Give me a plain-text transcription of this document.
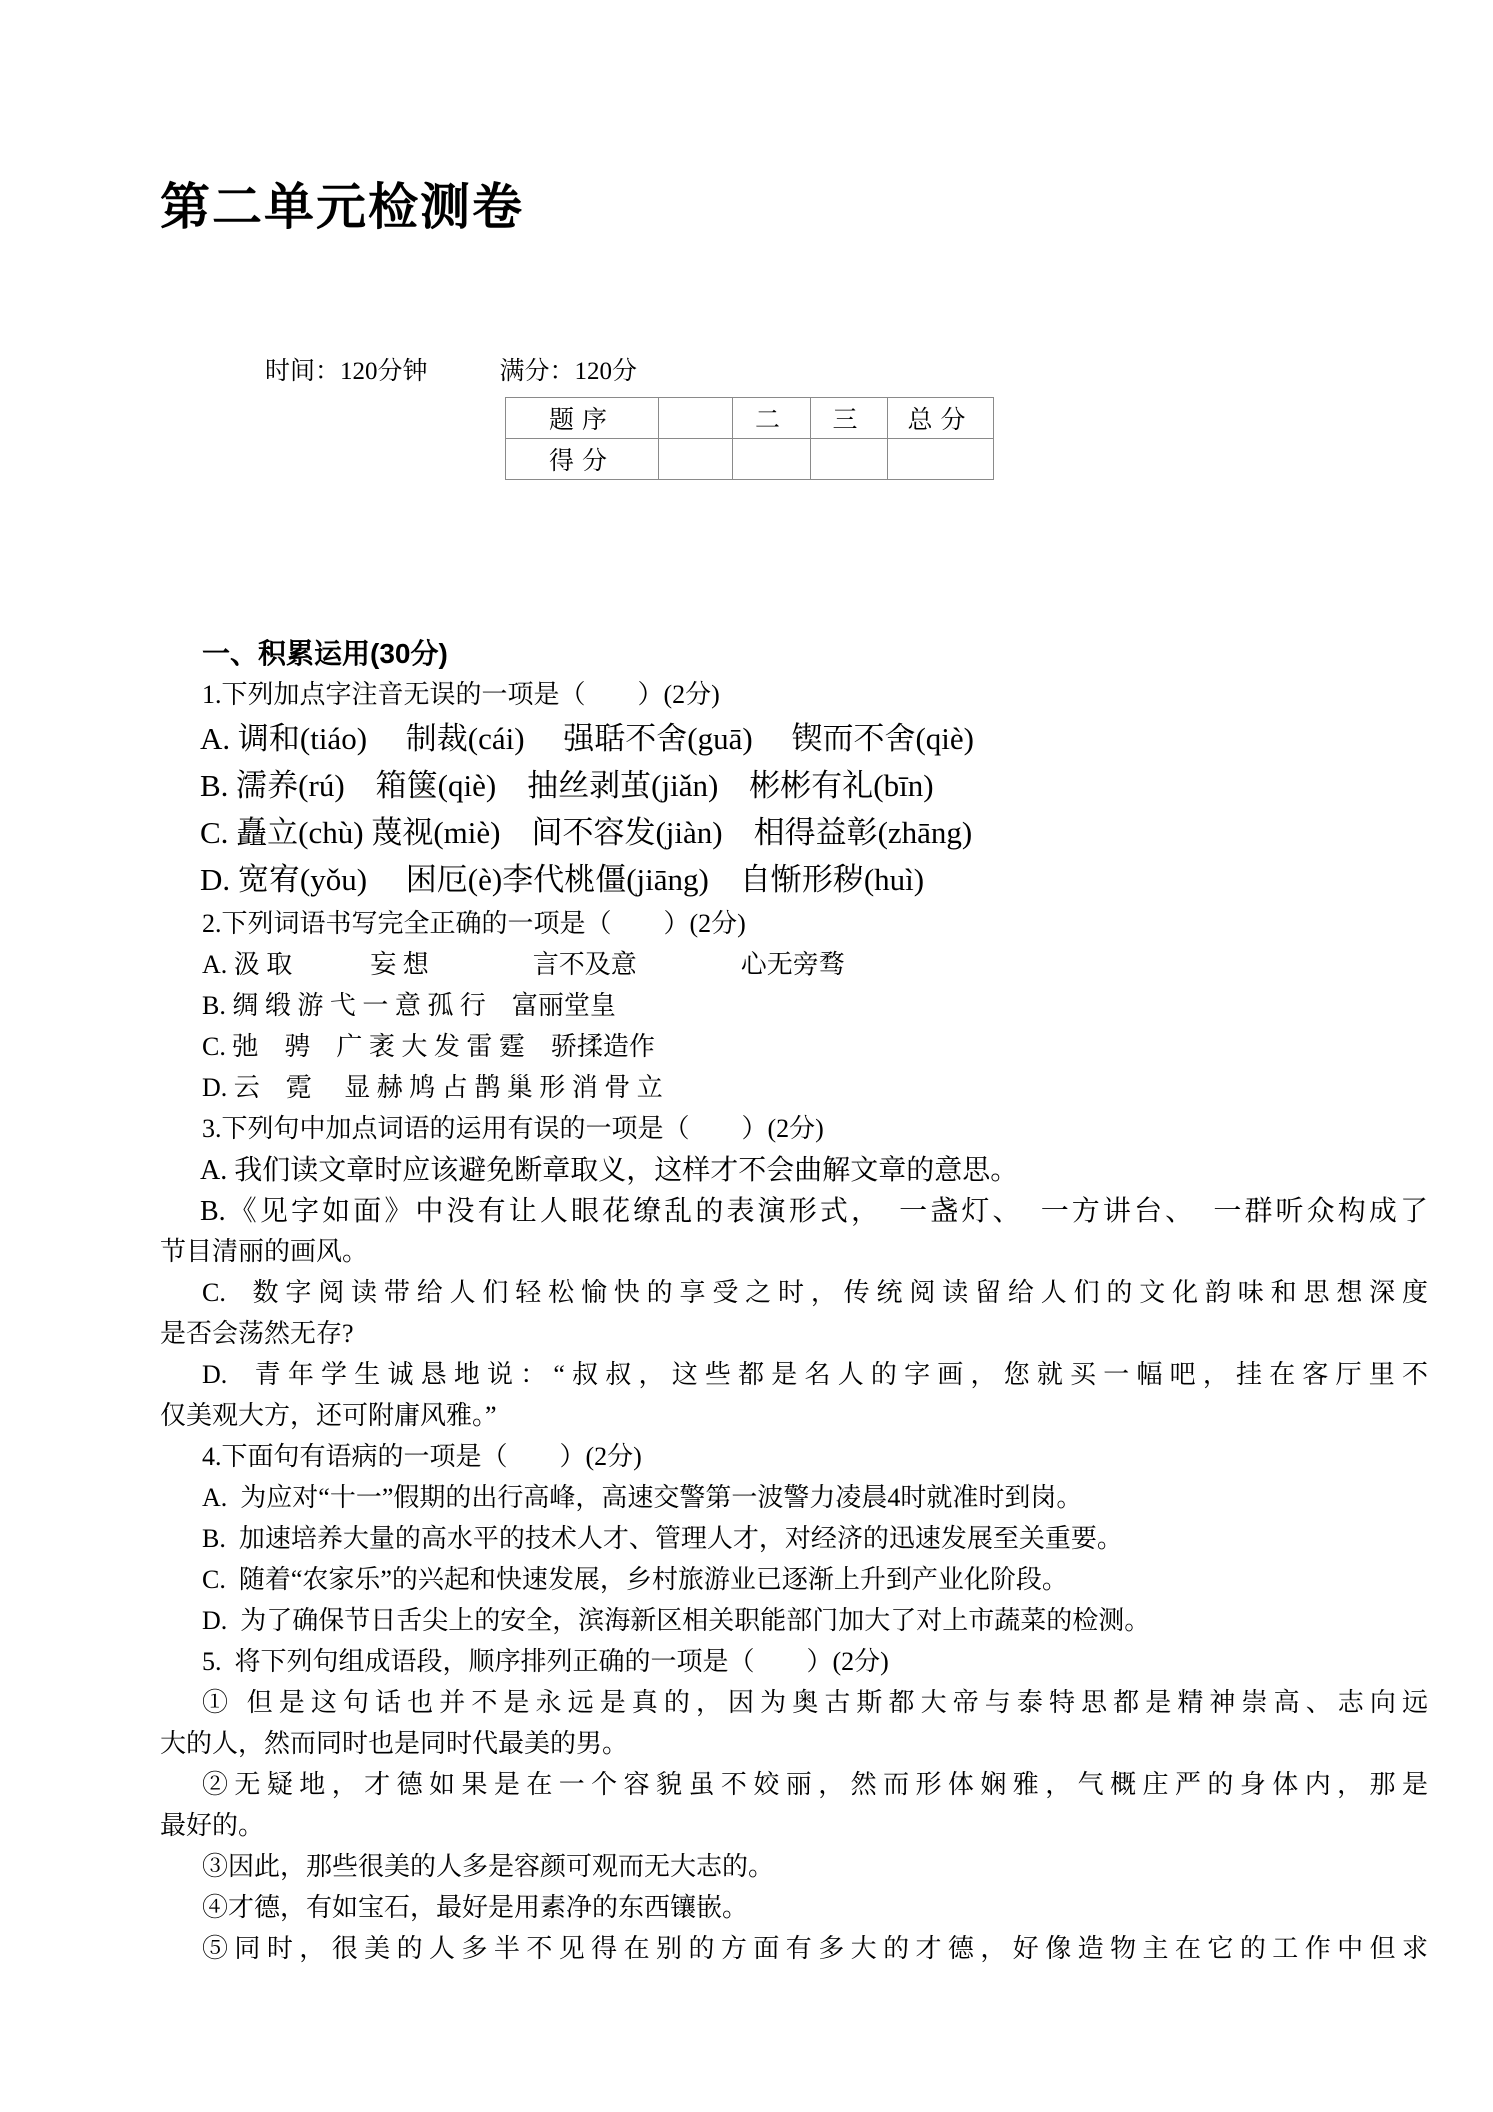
第二单元检测卷
时间：120分钟	满分：120分
题序		二	三	总分
得分				
一、积累运用(30分)
1.下列加点字注音无误的一项是（　　）(2分)
A. 调和(tiáo)　 制裁(cái)　 强聒不舍(guā)　 锲而不舍(qiè)
B. 濡养(rú)　箱箧(qiè)　抽丝剥茧(jiǎn)　彬彬有礼(bīn)
C. 矗立(chù) 蔑视(miè)　间不容发(jiàn)　相得益彰(zhāng)
D. 宽宥(yǒu)　 困厄(è)李代桃僵(jiāng)　自惭形秽(huì)
2.下列词语书写完全正确的一项是（　　）(2分)
A. 汲 取　　　妄 想　　　　言不及意　　　　心无旁骛
B. 绸 缎 游 弋 一 意 孤 行　富丽堂皇
C. 弛　骋　广 袤 大 发 雷 霆　骄揉造作
D. 云　霓　 显 赫 鸠 占 鹊 巢 形 消 骨 立
3.下列句中加点词语的运用有误的一项是（　　）(2分)
A. 我们读文章时应该避免断章取义，这样才不会曲解文章的意思。
B.《见字如面》中没有让人眼花缭乱的表演形式，　一盏灯、　一方讲台、　一群听众构成了
节目清丽的画风。
C.  数字阅读带给人们轻松愉快的享受之时，传统阅读留给人们的文化韵味和思想深度
是否会荡然无存?
D.  青年学生诚恳地说：“叔叔，这些都是名人的字画，您就买一幅吧，挂在客厅里不
仅美观大方，还可附庸风雅。”
4.下面句有语病的一项是（　　）(2分)
A.  为应对“十一”假期的出行高峰，高速交警第一波警力凌晨4时就准时到岗。
B.  加速培养大量的高水平的技术人才、管理人才，对经济的迅速发展至关重要。
C.  随着“农家乐”的兴起和快速发展，乡村旅游业已逐渐上升到产业化阶段。
D.  为了确保节日舌尖上的安全，滨海新区相关职能部门加大了对上市蔬菜的检测。
5.  将下列句组成语段，顺序排列正确的一项是（　　）(2分)
① 但是这句话也并不是永远是真的，因为奥古斯都大帝与泰特思都是精神崇高、志向远
大的人，然而同时也是同时代最美的男。
②无疑地，才德如果是在一个容貌虽不姣丽，然而形体娴雅，气概庄严的身体内，那是
最好的。
③因此，那些很美的人多是容颜可观而无大志的。
④才德，有如宝石，最好是用素净的东西镶嵌。
⑤同时，很美的人多半不见得在别的方面有多大的才德，好像造物主在它的工作中但求
